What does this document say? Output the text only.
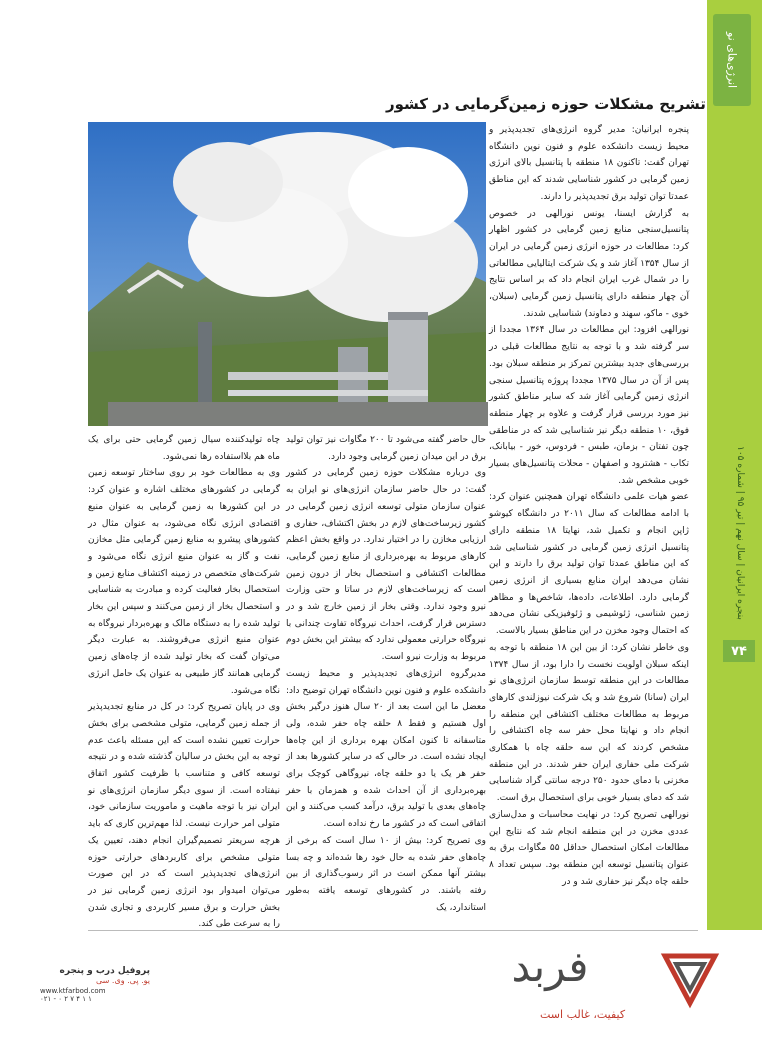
انرژی‌های نو
بنجره ایرانیان | سال نهم | تیر ۹۵ | شماره ۱۰۵
۷۴
تشریح مشکلات حوزه زمین‌گرمایی در کشور

پنجره ایرانیان: مدیر گروه انرژی‌های تجدیدپذیر و محیط زیست دانشکده علوم و فنون نوین دانشگاه تهران گفت: تاکنون ۱۸ منطقه با پتانسیل بالای انرژی زمین گرمایی در کشور شناسایی شدند که این مناطق عمدتا توان تولید برق تجدیدپذیر را دارند.

به گزارش ایسنا، یونس نورالهی در خصوص پتانسیل‌سنجی منابع زمین گرمایی در کشور اظهار کرد: مطالعات در حوزه انرژی زمین گرمایی در ایران از سال ۱۳۵۴ آغاز شد و یک شرکت ایتالیایی مطالعاتی را در شمال غرب ایران انجام داد که بر اساس نتایج آن چهار منطقه دارای پتانسیل زمین گرمایی (سبلان، خوی - ماکو، سهند و دماوند) شناسایی شدند.

نورالهی افزود: این مطالعات در سال ۱۳۶۴ مجددا از سر گرفته شد و با توجه به نتایج مطالعات قبلی در بررسی‌های جدید بیشترین تمرکز بر منطقه سبلان بود. پس از آن در سال ۱۳۷۵ مجددا پروژه پتانسیل سنجی انرژی زمین گرمایی آغاز شد که سایر مناطق کشور نیز مورد بررسی قرار گرفت و علاوه بر چهار منطقه فوق، ۱۰ منطقه دیگر نیز شناسایی شد که در مناطقی چون تفتان - بزمان، طبس - فردوس، خور - بیابانک، تکاب - هشترود و اصفهان - محلات پتانسیل‌های بسیار خوبی مشخص شد.

عضو هیات علمی دانشگاه تهران همچنین عنوان کرد: با ادامه مطالعات که سال ۲۰۱۱ در دانشگاه کیوشو ژاپن انجام و تکمیل شد، نهایتا ۱۸ منطقه دارای پتانسیل انرژی زمین گرمایی در کشور شناسایی شد که این مناطق عمدتا توان تولید برق را دارند و این نشان می‌دهد ایران منابع بسیاری از انرژی زمین گرمایی دارد. اطلاعات، داده‌ها، شاخص‌ها و مظاهر زمین شناسی، ژئوشیمی و ژئوفیزیکی نشان می‌دهد که احتمال وجود مخزن در این مناطق بسیار بالاست.

وی خاطر نشان کرد: از بین این ۱۸ منطقه با توجه به اینکه سبلان اولویت نخست را دارا بود، از سال ۱۳۷۴ مطالعات در این منطقه توسط سازمان انرژی‌های نو ایران (سانا) شروع شد و یک شرکت نیوزلندی کارهای مربوط به مطالعات مختلف اکتشافی این منطقه را انجام داد و نهایتا محل حفر سه چاه اکتشافی را مشخص کردند که این سه حلقه چاه با همکاری شرکت ملی حفاری ایران حفر شدند. در این منطقه مخزنی با دمای حدود ۲۵۰ درجه سانتی گراد شناسایی شد که دمای بسیار خوبی برای استحصال برق است.

نورالهی تصریح کرد: در نهایت محاسبات و مدل‌سازی عددی مخزن در این منطقه انجام شد که نتایج این مطالعات امکان استحصال حداقل ۵۵ مگاوات برق به عنوان پتانسیل توسعه این منطقه بود. سپس تعداد ۸ حلقه چاه دیگر نیز حفاری شد و در

حال حاضر گفته می‌شود تا ۲۰۰ مگاوات نیز توان تولید برق در این میدان زمین گرمایی وجود دارد.

وی درباره مشکلات حوزه زمین گرمایی در کشور گفت: در حال حاضر سازمان انرژی‌های نو ایران به عنوان سازمان متولی توسعه انرژی زمین گرمایی در کشور زیرساخت‌های لازم در بخش اکتشاف، حفاری و ارزیابی مخازن را در اختیار ندارد. در واقع بخش اعظم کارهای مربوط به بهره‌برداری از منابع زمین گرمایی، مطالعات اکتشافی و استحصال بخار از درون زمین است که زیرساخت‌های لازم در ساتا و حتی وزارت نیرو وجود ندارد. وقتی بخار از زمین خارج شد و در دسترس قرار گرفت، احداث نیروگاه تفاوت چندانی با نیروگاه حرارتی معمولی ندارد که بیشتر این بخش دوم مربوط به وزارت نیرو است.

مدیرگروه انرژی‌های تجدیدپذیر و محیط زیست دانشکده علوم و فنون نوین دانشگاه تهران توضیح داد: معضل ما این است بعد از ۲۰ سال هنوز درگیر بخش اول هستیم و فقط ۸ حلقه چاه حفر شده، ولی متاسفانه تا کنون امکان بهره برداری از این چاه‌ها ایجاد نشده است. در حالی که در سایر کشورها بعد از حفر هر یک یا دو حلقه چاه، نیروگاهی کوچک برای بهره‌برداری از آن احداث شده و همزمان با حفر چاه‌های بعدی با تولید برق، درآمد کسب می‌کنند و این اتفاقی است که در کشور ما رخ نداده است.

وی تصریح کرد: بیش از ۱۰ سال است که برخی از چاه‌های حفر شده به حال خود رها شده‌اند و چه بسا بیشتر آنها ممکن است در اثر رسوب‌گذاری از بین رفته باشند. در کشورهای توسعه یافته به‌طور استاندارد، یک

چاه تولیدکننده سیال زمین گرمایی حتی برای یک ماه هم بلااستفاده رها نمی‌شود.

وی به مطالعات خود بر روی ساختار توسعه زمین گرمایی در کشورهای مختلف اشاره و عنوان کرد: در این کشورها به زمین گرمایی به عنوان منبع اقتصادی انرژی نگاه می‌شود، به عنوان مثال در کشورهای پیشرو به منابع زمین گرمایی مثل مخازن نفت و گاز به عنوان منبع انرژی نگاه می‌شود و شرکت‌های متخصص در زمینه اکتشاف منابع زمین و استحصال بخار فعالیت کرده و مبادرت به شناسایی و استحصال بخار از زمین می‌کنند و سپس این بخار تولید شده را به دستگاه مالک و بهره‌بردار نیروگاه به عنوان منبع انرژی می‌فروشند. به عبارت دیگر می‌توان گفت که بخار تولید شده از چاه‌های زمین گرمایی همانند گاز طبیعی به عنوان یک حامل انرژی نگاه می‌شود.

وی در پایان تصریح کرد: در کل در منابع تجدیدپذیر از جمله زمین گرمایی، متولی مشخصی برای بخش حرارت تعیین نشده است که این مسئله باعث عدم توجه به این بخش در سالیان گذشته شده و در نتیجه توسعه کافی و متناسب با ظرفیت کشور اتفاق نیفتاده است. از سوی دیگر سازمان انرژی‌های نو ایران نیز با توجه ماهیت و ماموریت سازمانی خود، متولی امر حرارت نیست. لذا مهم‌ترین کاری که باید هرچه سریعتر تصمیم‌گیران انجام دهند، تعیین یک متولی مشخص برای کاربردهای حرارتی حوزه انرژی‌های تجدیدپذیر است که در این صورت می‌توان امیدوار بود انرژی زمین گرمایی نیز در بخش حرارت و برق مسیر کاربردی و تجاری شدن را به سرعت طی کند.

پروفیل درب و پنجره
یو. پی. وی. سی
www.ktfarbod.com
۰۲۱ - ۰ ۲ ۷ ۴ ۱ ۱
فربد
کیفیت، غالب است
